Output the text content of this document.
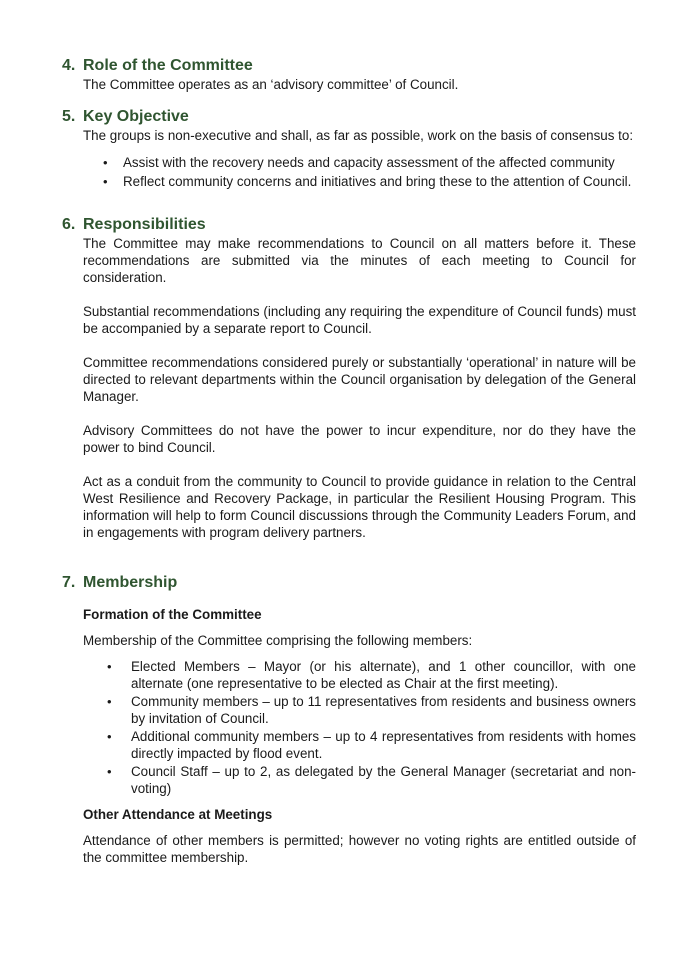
4. Role of the Committee
The Committee operates as an ‘advisory committee’ of Council.
5. Key Objective
The groups is non-executive and shall, as far as possible, work on the basis of consensus to:
• Assist with the recovery needs and capacity assessment of the affected community
• Reflect community concerns and initiatives and bring these to the attention of Council.
6. Responsibilities

The Committee may make recommendations to Council on all matters before it. These recommendations are submitted via the minutes of each meeting to Council for consideration.

Substantial recommendations (including any requiring the expenditure of Council funds) must be accompanied by a separate report to Council.

Committee recommendations considered purely or substantially ‘operational’ in nature will be directed to relevant departments within the Council organisation by delegation of the General Manager.

Advisory Committees do not have the power to incur expenditure, nor do they have the power to bind Council.

Act as a conduit from the community to Council to provide guidance in relation to the Central West Resilience and Recovery Package, in particular the Resilient Housing Program. This information will help to form Council discussions through the Community Leaders Forum, and in engagements with program delivery partners.

7. Membership
Formation of the Committee
Membership of the Committee comprising the following members:
• Elected Members – Mayor (or his alternate), and 1 other councillor, with one alternate (one representative to be elected as Chair at the first meeting).
• Community members – up to 11 representatives from residents and business owners by invitation of Council.
• Additional community members – up to 4 representatives from residents with homes directly impacted by flood event.
• Council Staff – up to 2, as delegated by the General Manager (secretariat and non-voting)
Other Attendance at Meetings
Attendance of other members is permitted; however no voting rights are entitled outside of the committee membership.
